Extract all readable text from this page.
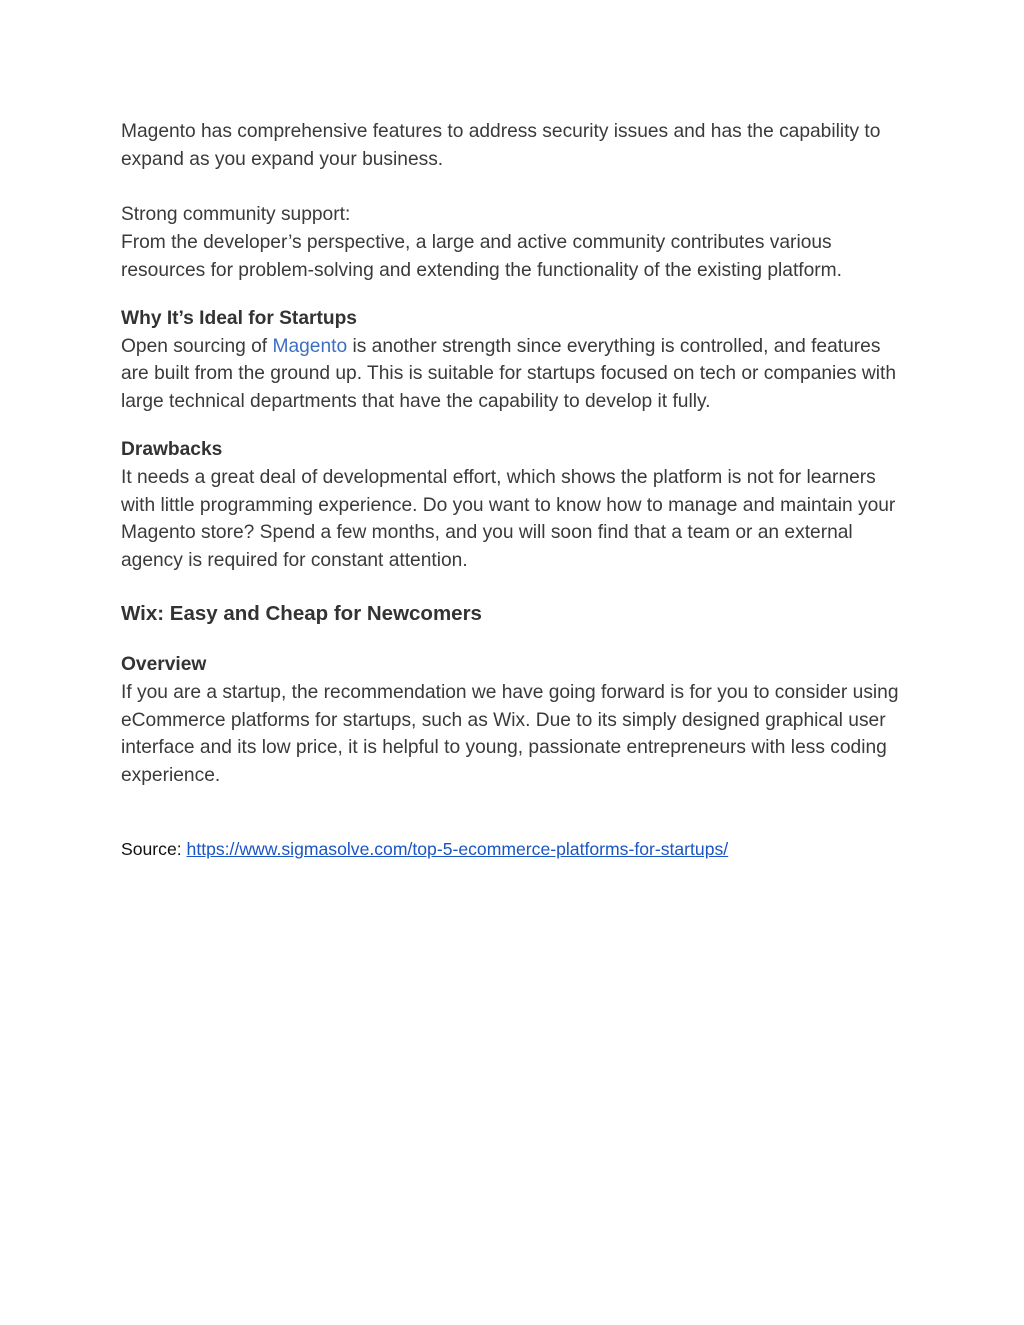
Magento has comprehensive features to address security issues and has the capability to expand as you expand your business.

Strong community support:

From the developer’s perspective, a large and active community contributes various resources for problem-solving and extending the functionality of the existing platform.

Why It’s Ideal for Startups

Open sourcing of Magento is another strength since everything is controlled, and features are built from the ground up. This is suitable for startups focused on tech or companies with large technical departments that have the capability to develop it fully.

Drawbacks

It needs a great deal of developmental effort, which shows the platform is not for learners with little programming experience. Do you want to know how to manage and maintain your Magento store? Spend a few months, and you will soon find that a team or an external agency is required for constant attention.

Wix: Easy and Cheap for Newcomers

Overview

If you are a startup, the recommendation we have going forward is for you to consider using eCommerce platforms for startups, such as Wix. Due to its simply designed graphical user interface and its low price, it is helpful to young, passionate entrepreneurs with less coding experience.

Source: https://www.sigmasolve.com/top-5-ecommerce-platforms-for-startups/
